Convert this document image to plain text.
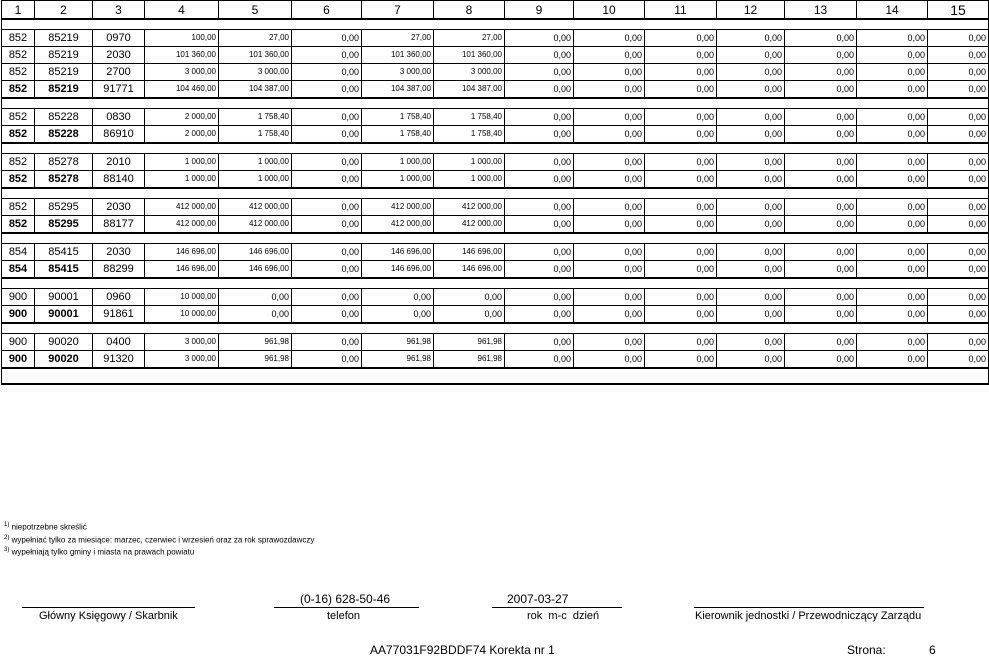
1	2	3	4	5	6	7	8	9	10	11	12	13	14	15

852	85219	0970	100,00	27,00	0,00	27,00	27,00	0,00	0,00	0,00	0,00	0,00	0,00	0,00
852	85219	2030	101 360,00	101 360,00	0,00	101 360,00	101 360,00	0,00	0,00	0,00	0,00	0,00	0,00	0,00
852	85219	2700	3 000,00	3 000,00	0,00	3 000,00	3 000,00	0,00	0,00	0,00	0,00	0,00	0,00	0,00
852	85219	91771	104 460,00	104 387,00	0,00	104 387,00	104 387,00	0,00	0,00	0,00	0,00	0,00	0,00	0,00

852	85228	0830	2 000,00	1 758,40	0,00	1 758,40	1 758,40	0,00	0,00	0,00	0,00	0,00	0,00	0,00
852	85228	86910	2 000,00	1 758,40	0,00	1 758,40	1 758,40	0,00	0,00	0,00	0,00	0,00	0,00	0,00

852	85278	2010	1 000,00	1 000,00	0,00	1 000,00	1 000,00	0,00	0,00	0,00	0,00	0,00	0,00	0,00
852	85278	88140	1 000,00	1 000,00	0,00	1 000,00	1 000,00	0,00	0,00	0,00	0,00	0,00	0,00	0,00

852	85295	2030	412 000,00	412 000,00	0,00	412 000,00	412 000,00	0,00	0,00	0,00	0,00	0,00	0,00	0,00
852	85295	88177	412 000,00	412 000,00	0,00	412 000,00	412 000,00	0,00	0,00	0,00	0,00	0,00	0,00	0,00

854	85415	2030	146 696,00	146 696,00	0,00	146 696,00	146 696,00	0,00	0,00	0,00	0,00	0,00	0,00	0,00
854	85415	88299	146 696,00	146 696,00	0,00	146 696,00	146 696,00	0,00	0,00	0,00	0,00	0,00	0,00	0,00

900	90001	0960	10 000,00	0,00	0,00	0,00	0,00	0,00	0,00	0,00	0,00	0,00	0,00	0,00
900	90001	91861	10 000,00	0,00	0,00	0,00	0,00	0,00	0,00	0,00	0,00	0,00	0,00	0,00

900	90020	0400	3 000,00	961,98	0,00	961,98	961,98	0,00	0,00	0,00	0,00	0,00	0,00	0,00
900	90020	91320	3 000,00	961,98	0,00	961,98	961,98	0,00	0,00	0,00	0,00	0,00	0,00	0,00

$^{1)}$ niepotrzebne skreślić
$^{2)}$ wypełniać tylko za miesiące: marzec, czerwiec i wrzesień oraz za rok sprawozdawczy
$^{3)}$ wypełniają tylko gminy i miasta na prawach powiatu
(0-16) 628-50-46	2007-03-27
Główny Księgowy / Skarbnik	telefon	rok  m-c  dzień	Kierownik jednostki / Przewodniczący Zarządu
AA77031F92BDDF74 Korekta nr 1	Strona:	6
